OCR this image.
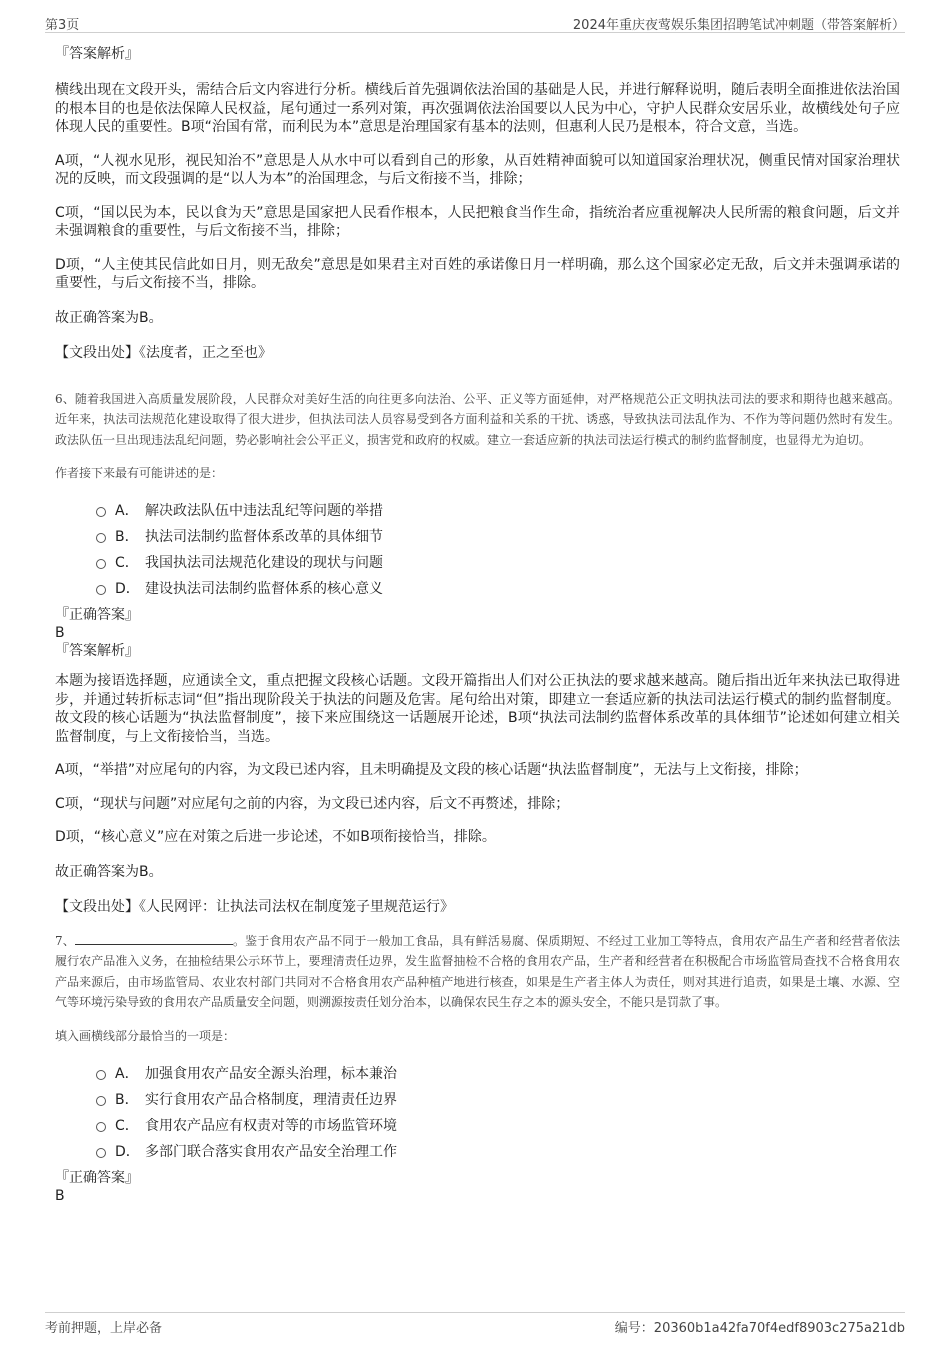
第3页	2024年重庆夜莺娱乐集团招聘笔试冲刺题（带答案解析）

『答案解析』

横线出现在文段开头，需结合后文内容进行分析。横线后首先强调依法治国的基础是人民，并进行解释说明，随后表明全面推进依法治国的根本目的也是依法保障人民权益，尾句通过一系列对策，再次强调依法治国要以人民为中心，守护人民群众安居乐业，故横线处句子应体现人民的重要性。B项“治国有常，而利民为本”意思是治理国家有基本的法则，但惠利人民乃是根本，符合文意，当选。

A项，“人视水见形，视民知治不”意思是人从水中可以看到自己的形象，从百姓精神面貌可以知道国家治理状况，侧重民情对国家治理状况的反映，而文段强调的是“以人为本”的治国理念，与后文衔接不当，排除；

C项，“国以民为本，民以食为天”意思是国家把人民看作根本，人民把粮食当作生命，指统治者应重视解决人民所需的粮食问题，后文并未强调粮食的重要性，与后文衔接不当，排除；

D项，“人主使其民信此如日月，则无敌矣”意思是如果君主对百姓的承诺像日月一样明确，那么这个国家必定无敌，后文并未强调承诺的重要性，与后文衔接不当，排除。

故正确答案为B。

【文段出处】《法度者，正之至也》

6、随着我国进入高质量发展阶段，人民群众对美好生活的向往更多向法治、公平、正义等方面延伸，对严格规范公正文明执法司法的要求和期待也越来越高。近年来，执法司法规范化建设取得了很大进步，但执法司法人员容易受到各方面利益和关系的干扰、诱惑，导致执法司法乱作为、不作为等问题仍然时有发生。政法队伍一旦出现违法乱纪问题，势必影响社会公平正义，损害党和政府的权威。建立一套适应新的执法司法运行模式的制约监督制度，也显得尤为迫切。

作者接下来最有可能讲述的是：

A． 解决政法队伍中违法乱纪等问题的举措
B． 执法司法制约监督体系改革的具体细节
C． 我国执法司法规范化建设的现状与问题
D． 建设执法司法制约监督体系的核心意义

『正确答案』

B

『答案解析』

本题为接语选择题，应通读全文，重点把握文段核心话题。文段开篇指出人们对公正执法的要求越来越高。随后指出近年来执法已取得进步，并通过转折标志词“但”指出现阶段关于执法的问题及危害。尾句给出对策，即建立一套适应新的执法司法运行模式的制约监督制度。故文段的核心话题为“执法监督制度”，接下来应围绕这一话题展开论述，B项“执法司法制约监督体系改革的具体细节”论述如何建立相关监督制度，与上文衔接恰当，当选。

A项，“举措”对应尾句的内容，为文段已述内容，且未明确提及文段的核心话题“执法监督制度”，无法与上文衔接，排除；

C项，“现状与问题”对应尾句之前的内容，为文段已述内容，后文不再赘述，排除；

D项，“核心意义”应在对策之后进一步论述，不如B项衔接恰当，排除。

故正确答案为B。

【文段出处】《人民网评：让执法司法权在制度笼子里规范运行》

7、	。鉴于食用农产品不同于一般加工食品，具有鲜活易腐、保质期短、不经过工业加工等特点，食用农产品生产者和经营者依法履行农产品准入义务，在抽检结果公示环节上，要理清责任边界，发生监督抽检不合格的食用农产品，生产者和经营者在积极配合市场监管局查找不合格食用农产品来源后，由市场监管局、农业农村部门共同对不合格食用农产品种植产地进行核查，如果是生产者主体人为责任，则对其进行追责，如果是土壤、水源、空气等环境污染导致的食用农产品质量安全问题，则溯源按责任划分治本，以确保农民生存之本的源头安全，不能只是罚款了事。

填入画横线部分最恰当的一项是：

A． 加强食用农产品安全源头治理，标本兼治
B． 实行食用农产品合格制度，理清责任边界
C． 食用农产品应有权责对等的市场监管环境
D． 多部门联合落实食用农产品安全治理工作

『正确答案』

B

考前押题，上岸必备	编号：20360b1a42fa70f4edf8903c275a21db
